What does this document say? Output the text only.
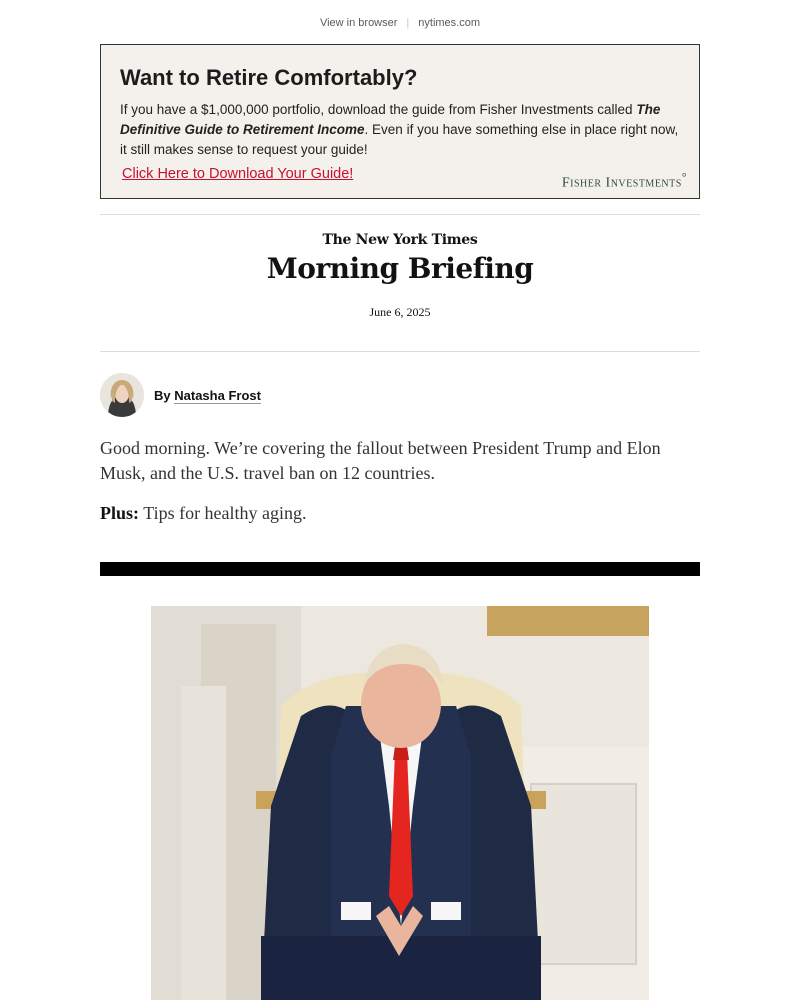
View in browser | nytimes.com
Want to Retire Comfortably?
If you have a $1,000,000 portfolio, download the guide from Fisher Investments called The Definitive Guide to Retirement Income. Even if you have something else in place right now, it still makes sense to request your guide!
Click Here to Download Your Guide!
Fisher Investments°
The New York Times
Morning Briefing
June 6, 2025
By Natasha Frost
Good morning. We’re covering the fallout between President Trump and Elon Musk, and the U.S. travel ban on 12 countries.
Plus: Tips for healthy aging.
